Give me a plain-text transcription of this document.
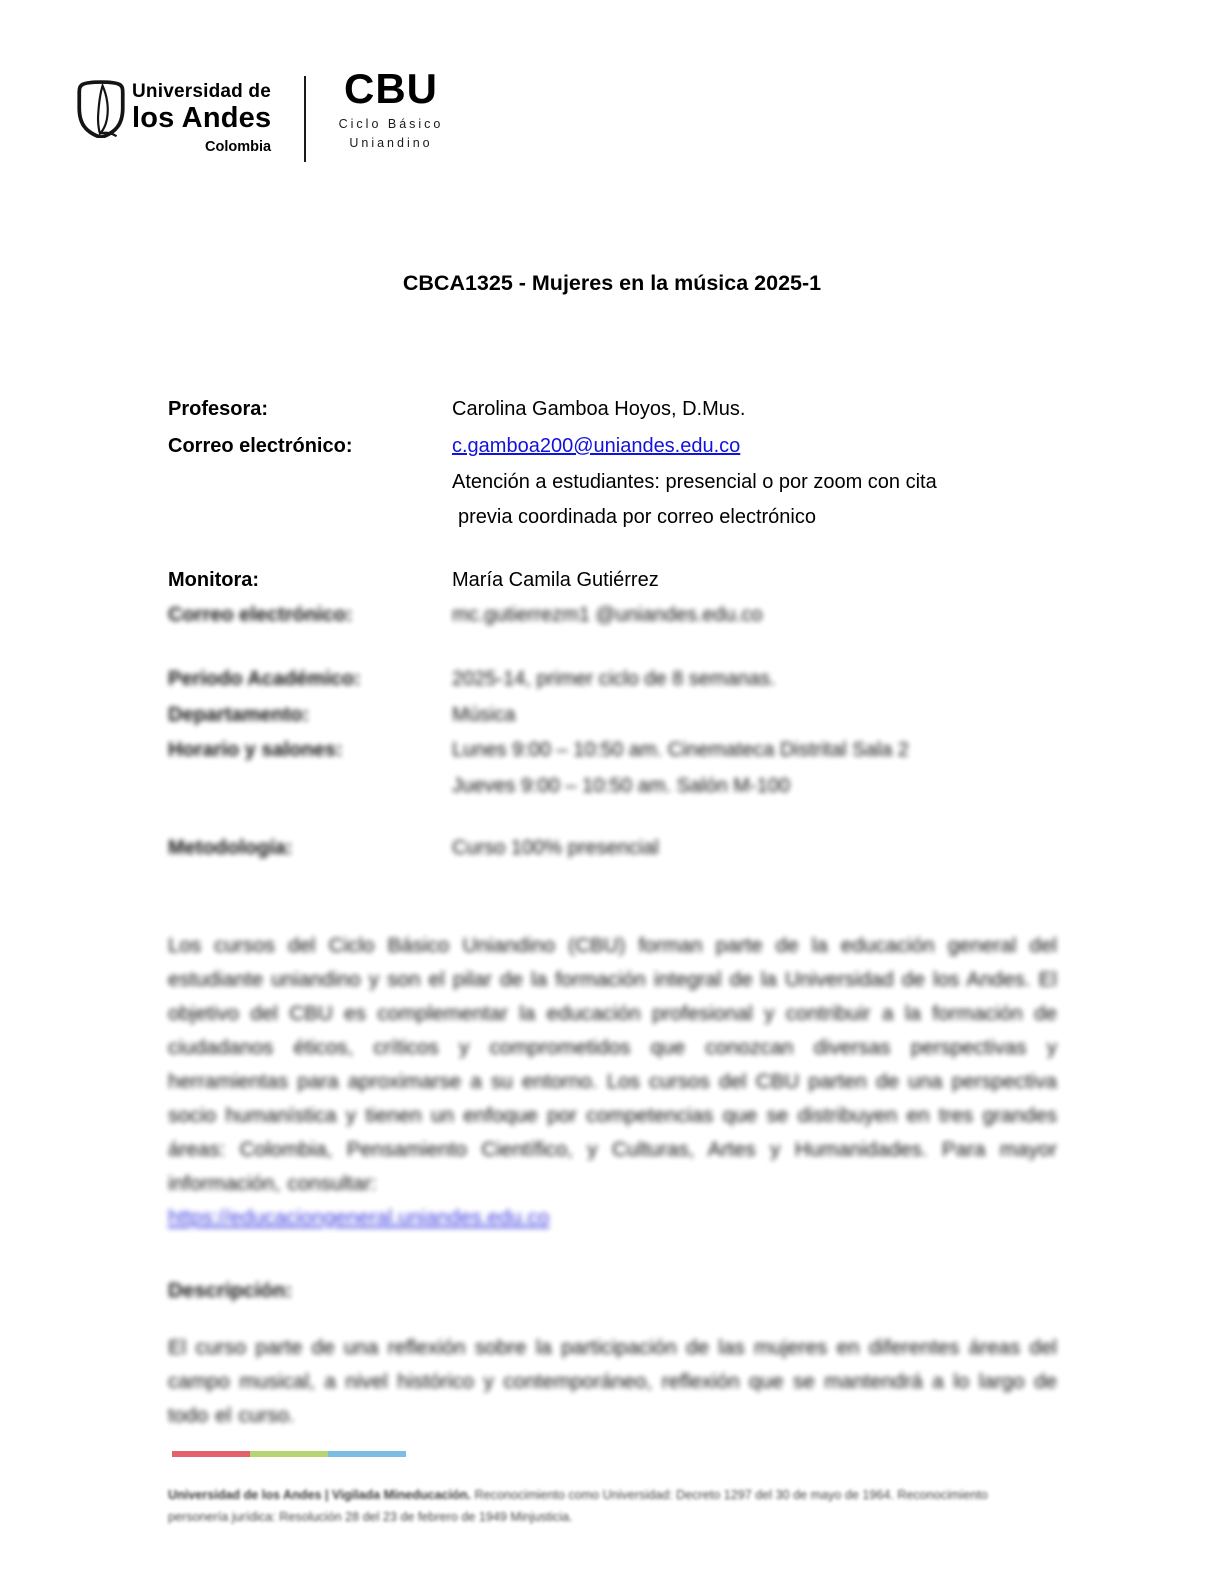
Universidad de
los Andes
Colombia
CBU
Ciclo Básico
Uniandino
CBCA1325 - Mujeres en la música 2025-1
Profesora:	Carolina Gamboa Hoyos, D.Mus.
Correo electrónico:	c.gamboa200@uniandes.edu.co
Atención a estudiantes: presencial o por zoom con cita
previa coordinada por correo electrónico
Monitora:	María Camila Gutiérrez
Correo electrónico:	mc.gutierrezm1 @uniandes.edu.co
Periodo Académico:	2025-14, primer ciclo de 8 semanas.
Departamento:	Música
Horario y salones:	Lunes 9:00 – 10:50 am. Cinemateca Distrital Sala 2
Jueves 9:00 – 10:50 am. Salón M-100
Metodología:	Curso 100% presencial
Los cursos del Ciclo Básico Uniandino (CBU) forman parte de la educación general del estudiante uniandino y son el pilar de la formación integral de la Universidad de los Andes. El objetivo del CBU es complementar la educación profesional y contribuir a la formación de ciudadanos éticos, críticos y comprometidos que conozcan diversas perspectivas y herramientas para aproximarse a su entorno. Los cursos del CBU parten de una perspectiva socio humanística y tienen un enfoque por competencias que se distribuyen en tres grandes áreas: Colombia, Pensamiento Científico, y Culturas, Artes y Humanidades. Para mayor información, consultar:
https://educaciongeneral.uniandes.edu.co
Descripción:
El curso parte de una reflexión sobre la participación de las mujeres en diferentes áreas del campo musical, a nivel histórico y contemporáneo, reflexión que se mantendrá a lo largo de todo el curso.

Universidad de los Andes | Vigilada Mineducación. Reconocimiento como Universidad: Decreto 1297 del 30 de mayo de 1964. Reconocimiento personería jurídica: Resolución 28 del 23 de febrero de 1949 Minjusticia.
